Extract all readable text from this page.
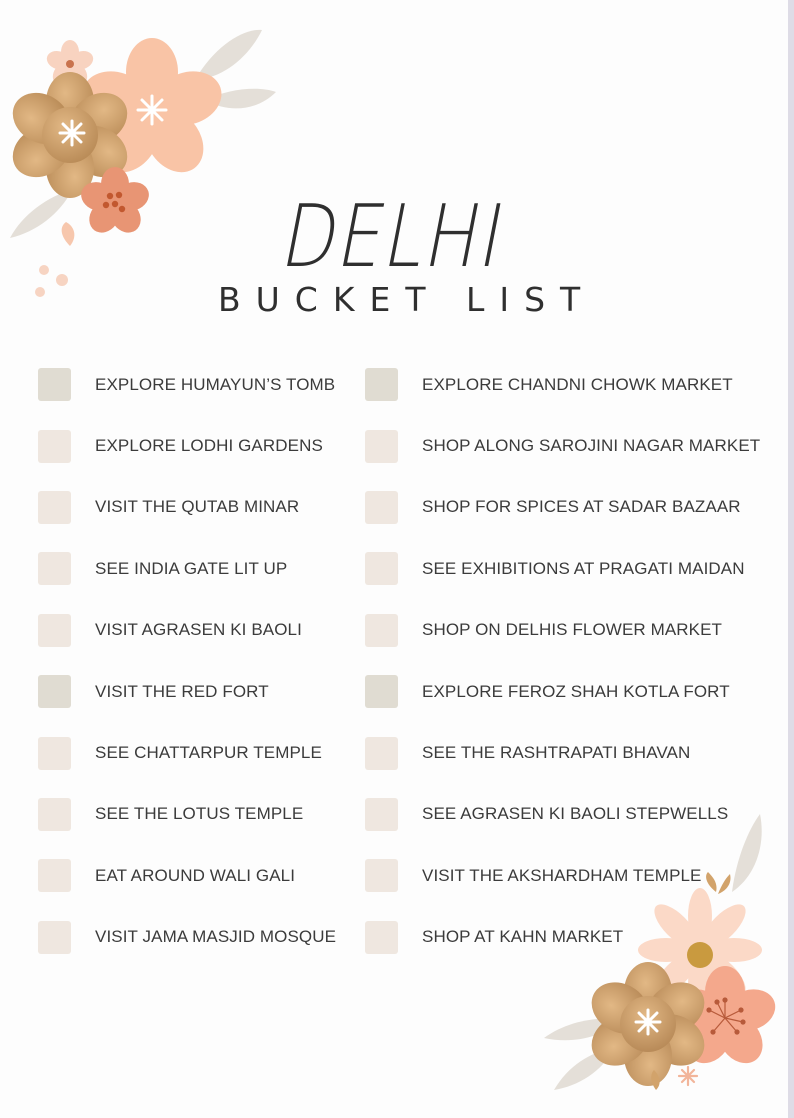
DELHI
BUCKET LIST
EXPLORE HUMAYUN’S TOMB
EXPLORE LODHI GARDENS
VISIT THE QUTAB MINAR
SEE INDIA GATE LIT UP
VISIT AGRASEN KI BAOLI
VISIT THE RED FORT
SEE CHATTARPUR TEMPLE
SEE THE LOTUS TEMPLE
EAT AROUND WALI GALI
VISIT JAMA MASJID MOSQUE
EXPLORE CHANDNI CHOWK MARKET
SHOP ALONG SAROJINI NAGAR MARKET
SHOP FOR SPICES AT SADAR BAZAAR
SEE EXHIBITIONS AT PRAGATI MAIDAN
SHOP ON DELHIS FLOWER MARKET
EXPLORE FEROZ SHAH KOTLA FORT
SEE THE RASHTRAPATI BHAVAN
SEE AGRASEN KI BAOLI STEPWELLS
VISIT THE AKSHARDHAM TEMPLE
SHOP AT KAHN MARKET
